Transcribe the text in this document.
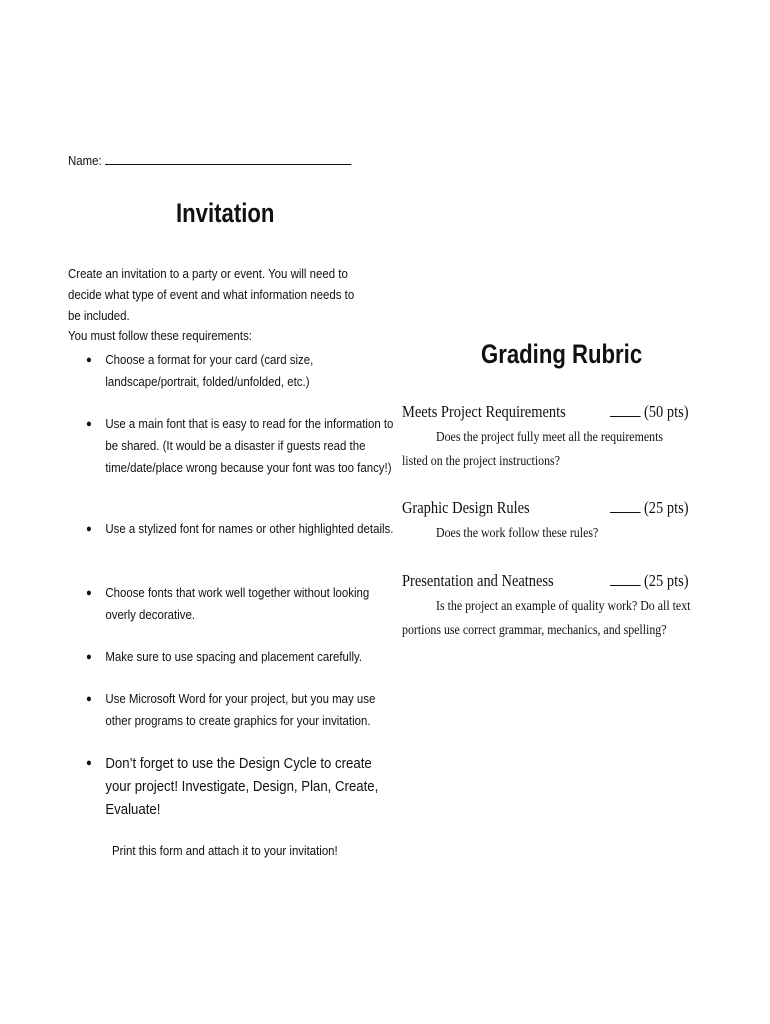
Name:
Invitation
Create an invitation to a party or event. You will need to decide what type of event and what information needs to be included.
You must follow these requirements:
● Choose a format for your card (card size, landscape/portrait, folded/unfolded, etc.)
● Use a main font that is easy to read for the information to be shared. (It would be a disaster if guests read the time/date/place wrong because your font was too fancy!)
● Use a stylized font for names or other highlighted details.
● Choose fonts that work well together without looking overly decorative.
● Make sure to use spacing and placement carefully.
● Use Microsoft Word for your project, but you may use other programs to create graphics for your invitation.
● Don’t forget to use the Design Cycle to create your project! Investigate, Design, Plan, Create, Evaluate!
Print this form and attach it to your invitation!
Grading Rubric
Meets Project Requirements	(50 pts)
Does the project fully meet all the requirements listed on the project instructions?
Graphic Design Rules	(25 pts)
Does the work follow these rules?
Presentation and Neatness	(25 pts)
Is the project an example of quality work? Do all text portions use correct grammar, mechanics, and spelling?
